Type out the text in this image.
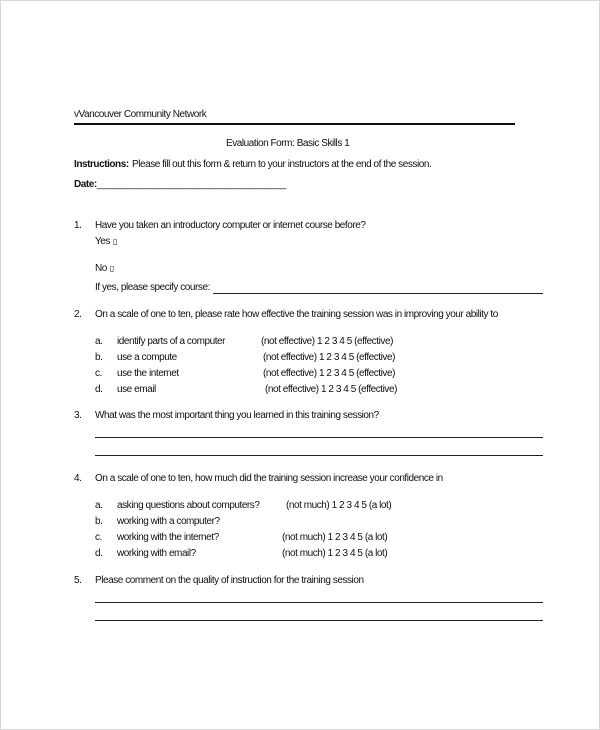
vVancouver Community Network
Evaluation Form: Basic Skills 1
Instructions: Please fill out this form & return to your instructors at the end of the session.
Date:_____________________________________
1. Have you taken an introductory computer or internet course before?
Yes ▯
No ▯
If yes, please specify course:
2. On a scale of one to ten, please rate how effective the training session was in improving your ability to
a. identify parts of a computer	(not effective) 1 2 3 4 5 (effective)
b. use a compute	(not effective) 1 2 3 4 5 (effective)
c. use the internet	(not effective) 1 2 3 4 5 (effective)
d. use email	(not effective) 1 2 3 4 5 (effective)
3. What was the most important thing you learned in this training session?
4. On a scale of one to ten, how much did the training session increase your confidence in
a. asking questions about computers?	(not much) 1 2 3 4 5 (a lot)
b. working with a computer?
c. working with the internet?	(not much) 1 2 3 4 5 (a lot)
d. working with email?	(not much) 1 2 3 4 5 (a lot)
5. Please comment on the quality of instruction for the training session
